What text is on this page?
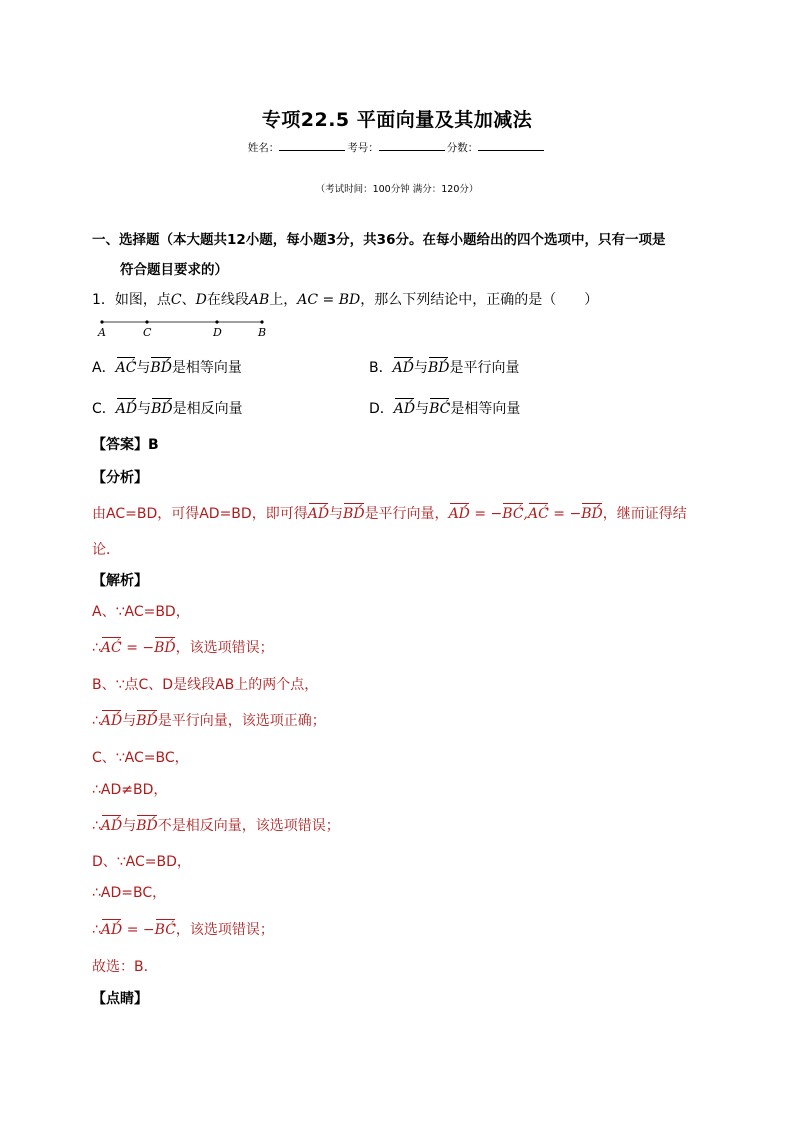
专项22.5 平面向量及其加减法
姓名：	考号：	分数：
（考试时间：100分钟 满分：120分）
一、选择题（本大题共12小题，每小题3分，共36分。在每小题给出的四个选项中，只有一项是
符合题目要求的）
1．如图，点C、D在线段AB上，AC = BD，那么下列结论中，正确的是（　　）
A	C	D	B
A．AC ́́与BD ́́是相等向量	B．AD ́́与BD ́́是平行向量
C．AD ́́与BD ́́是相反向量	D．AD ́́与BC ́́是相等向量
【答案】B
【分析】
由AC=BD，可得AD=BD，即可得AD ́́与BD ́́是平行向量，AD ́́ = −BC ́́,AC ́́ = −BD ́́，继而证得结
论．
【解析】
A、∵AC=BD，
∴AC ́́ = −BD ́́，该选项错误；
B、∵点C、D是线段AB上的两个点，
∴AD ́́与BD ́́是平行向量，该选项正确；
C、∵AC=BC，
∴AD≠BD，
∴AD ́́与BD ́́不是相反向量，该选项错误；
D、∵AC=BD，
∴AD=BC，
∴AD ́́ = −BC ́́，该选项错误；
故选：B．
【点睛】
